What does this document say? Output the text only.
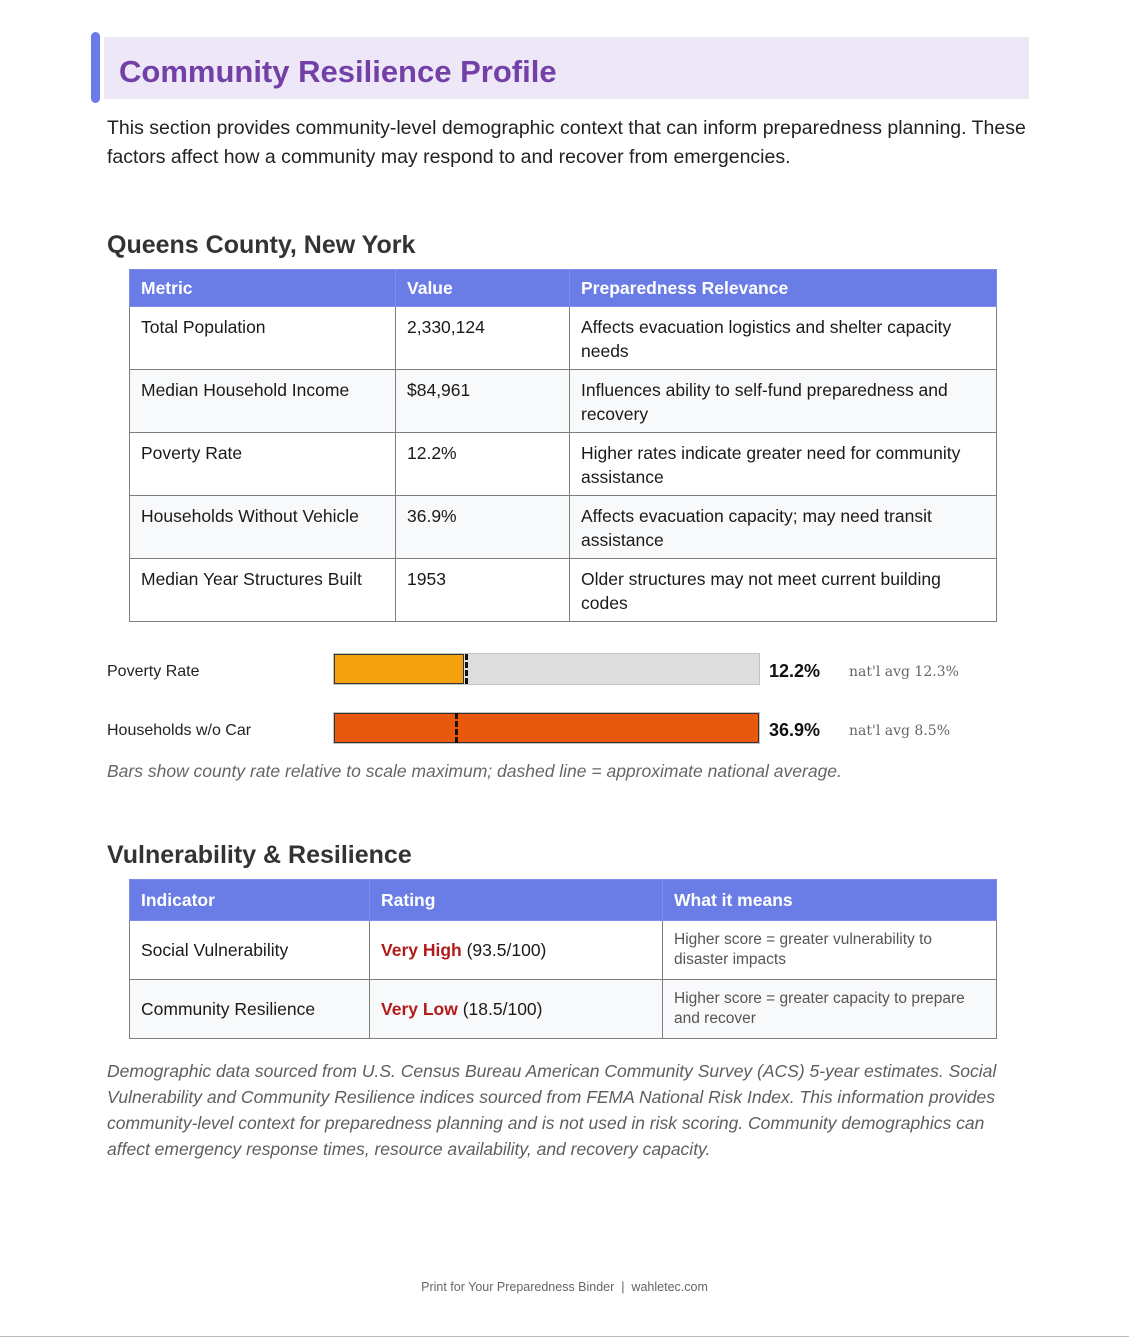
Community Resilience Profile

This section provides community-level demographic context that can inform preparedness planning. These factors affect how a community may respond to and recover from emergencies.

Queens County, New York
Metric	Value	Preparedness Relevance
Total Population	2,330,124	Affects evacuation logistics and shelter capacity needs
Median Household Income	$84,961	Influences ability to self-fund preparedness and recovery
Poverty Rate	12.2%	Higher rates indicate greater need for community assistance
Households Without Vehicle	36.9%	Affects evacuation capacity; may need transit assistance
Median Year Structures Built	1953	Older structures may not meet current building codes
Poverty Rate	12.2% nat'l avg 12.3%
Households w/o Car	36.9% nat'l avg 8.5%

Bars show county rate relative to scale maximum; dashed line = approximate national average.

Vulnerability & Resilience
Indicator	Rating	What it means
Social Vulnerability	Very High (93.5/100)	Higher score = greater vulnerability to disaster impacts
Community Resilience	Very Low (18.5/100)	Higher score = greater capacity to prepare and recover

Demographic data sourced from U.S. Census Bureau American Community Survey (ACS) 5-year estimates. Social Vulnerability and Community Resilience indices sourced from FEMA National Risk Index. This information provides community-level context for preparedness planning and is not used in risk scoring. Community demographics can affect emergency response times, resource availability, and recovery capacity.

Print for Your Preparedness Binder  |  wahletec.com
